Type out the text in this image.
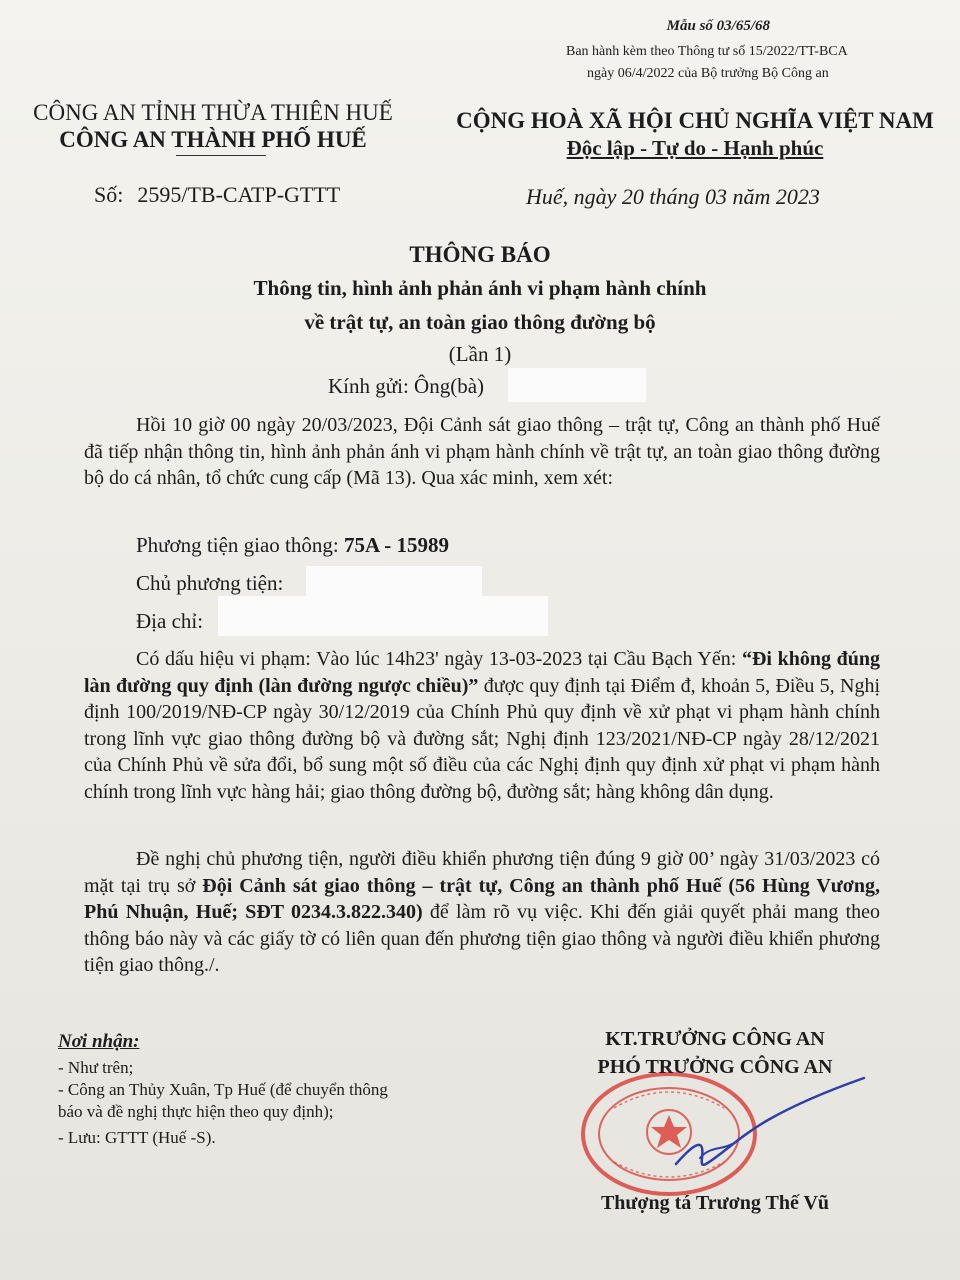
Mẫu số 03/65/68
Ban hành kèm theo Thông tư số 15/2022/TT-BCA
ngày 06/4/2022 của Bộ trưởng Bộ Công an
CÔNG AN TỈNH THỪA THIÊN HUẾ
CÔNG AN THÀNH PHỐ HUẾ
CỘNG HOÀ XÃ HỘI CHỦ NGHĨA VIỆT NAM
Độc lập - Tự do - Hạnh phúc
Số: 2595/TB-CATP-GTTT	Huế, ngày 20 tháng 03 năm 2023
THÔNG BÁO
Thông tin, hình ảnh phản ánh vi phạm hành chính
về trật tự, an toàn giao thông đường bộ
(Lần 1)
Kính gửi: Ông(bà)
Hồi 10 giờ 00 ngày 20/03/2023, Đội Cảnh sát giao thông – trật tự, Công an thành phố Huế đã tiếp nhận thông tin, hình ảnh phản ánh vi phạm hành chính về trật tự, an toàn giao thông đường bộ do cá nhân, tổ chức cung cấp (Mã 13). Qua xác minh, xem xét:
Phương tiện giao thông: 75A - 15989
Chủ phương tiện:
Địa chỉ:
Có dấu hiệu vi phạm: Vào lúc 14h23' ngày 13-03-2023 tại Cầu Bạch Yến: “Đi không đúng làn đường quy định (làn đường ngược chiều)” được quy định tại Điểm đ, khoản 5, Điều 5, Nghị định 100/2019/NĐ-CP ngày 30/12/2019 của Chính Phủ quy định về xử phạt vi phạm hành chính trong lĩnh vực giao thông đường bộ và đường sắt; Nghị định 123/2021/NĐ-CP ngày 28/12/2021 của Chính Phủ về sửa đổi, bổ sung một số điều của các Nghị định quy định xử phạt vi phạm hành chính trong lĩnh vực hàng hải; giao thông đường bộ, đường sắt; hàng không dân dụng.
Đề nghị chủ phương tiện, người điều khiển phương tiện đúng 9 giờ 00’ ngày 31/03/2023 có mặt tại trụ sở Đội Cảnh sát giao thông – trật tự, Công an thành phố Huế (56 Hùng Vương, Phú Nhuận, Huế; SĐT 0234.3.822.340) để làm rõ vụ việc. Khi đến giải quyết phải mang theo thông báo này và các giấy tờ có liên quan đến phương tiện giao thông và người điều khiển phương tiện giao thông./.
Nơi nhận:
- Như trên;
- Công an Thủy Xuân, Tp Huế (để chuyển thông
báo và đề nghị thực hiện theo quy định);
- Lưu: GTTT (Huế -S).
KT.TRƯỞNG CÔNG AN
PHÓ TRƯỞNG CÔNG AN
Thượng tá Trương Thế Vũ
